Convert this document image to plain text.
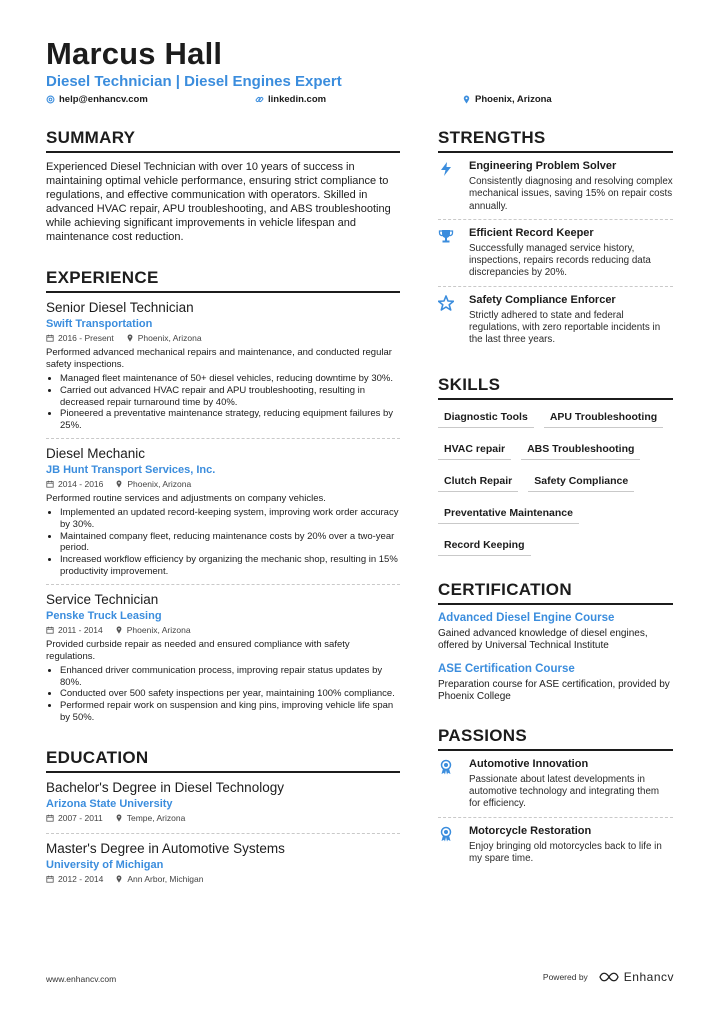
Marcus Hall
Diesel Technician | Diesel Engines Expert
help@enhancv.com	linkedin.com	Phoenix, Arizona
SUMMARY

Experienced Diesel Technician with over 10 years of success in maintaining optimal vehicle performance, ensuring strict compliance to regulations, and effective communication with operators. Skilled in advanced HVAC repair, APU troubleshooting, and ABS troubleshooting while achieving significant improvements in vehicle lifespan and maintenance cost reduction.

EXPERIENCE
Senior Diesel Technician
Swift Transportation
2016 - Present	Phoenix, Arizona

Performed advanced mechanical repairs and maintenance, and conducted regular safety inspections.

• Managed fleet maintenance of 50+ diesel vehicles, reducing downtime by 30%.
• Carried out advanced HVAC repair and APU troubleshooting, resulting in decreased repair turnaround time by 40%.
• Pioneered a preventative maintenance strategy, reducing equipment failures by 25%.
Diesel Mechanic
JB Hunt Transport Services, Inc.
2014 - 2016	Phoenix, Arizona

Performed routine services and adjustments on company vehicles.

• Implemented an updated record-keeping system, improving work order accuracy by 30%.
• Maintained company fleet, reducing maintenance costs by 20% over a two-year period.
• Increased workflow efficiency by organizing the mechanic shop, resulting in 15% productivity improvement.
Service Technician
Penske Truck Leasing
2011 - 2014	Phoenix, Arizona

Provided curbside repair as needed and ensured compliance with safety regulations.

• Enhanced driver communication process, improving repair status updates by 80%.
• Conducted over 500 safety inspections per year, maintaining 100% compliance.
• Performed repair work on suspension and king pins, improving vehicle life span by 50%.
EDUCATION
Bachelor's Degree in Diesel Technology
Arizona State University
2007 - 2011	Tempe, Arizona
Master's Degree in Automotive Systems
University of Michigan
2012 - 2014	Ann Arbor, Michigan
STRENGTHS
Engineering Problem Solver

Consistently diagnosing and resolving complex mechanical issues, saving 15% on repair costs annually.

Efficient Record Keeper

Successfully managed service history, inspections, repairs records reducing data discrepancies by 20%.

Safety Compliance Enforcer

Strictly adhered to state and federal regulations, with zero reportable incidents in the last three years.

SKILLS
Diagnostic Tools	APU Troubleshooting
HVAC repair	ABS Troubleshooting
Clutch Repair	Safety Compliance
Preventative Maintenance
Record Keeping
CERTIFICATION
Advanced Diesel Engine Course

Gained advanced knowledge of diesel engines, offered by Universal Technical Institute

ASE Certification Course

Preparation course for ASE certification, provided by Phoenix College

PASSIONS
Automotive Innovation

Passionate about latest developments in automotive technology and integrating them for efficiency.

Motorcycle Restoration

Enjoy bringing old motorcycles back to life in my spare time.

www.enhancv.com	Powered by	Enhancv
